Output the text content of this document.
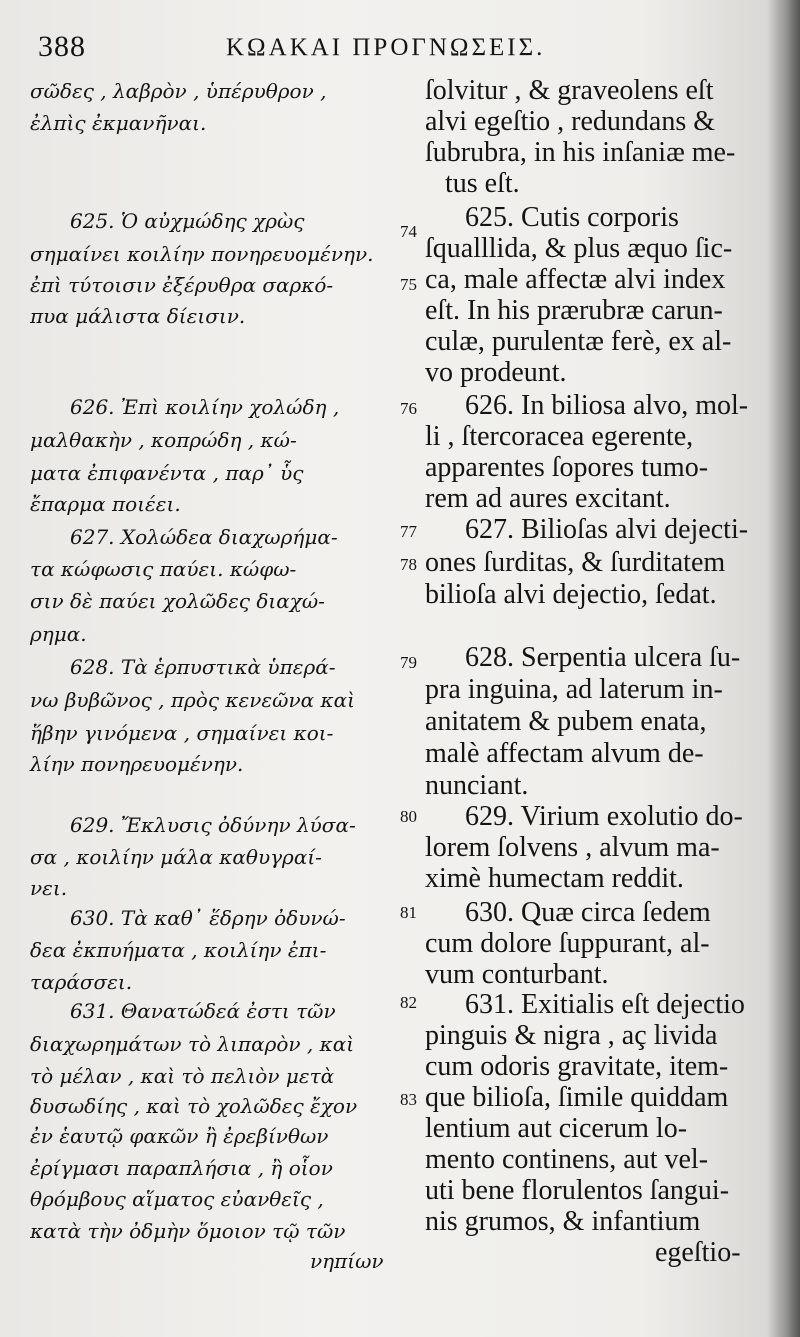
388	ΚΩΑΚΑΙ ΠΡΟΓΝΩΣΕΙΣ.
σῶδες , λαβρὸν , ὑπέρυθρον ,
ἐλπὶς ἐκμανῆναι.
625. Ὁ αὐχμώδης χρὼς
σημαίνει κοιλίην πονηρευομένην.
ἐπὶ τύτοισιν ἐξέρυθρα σαρκό-
πυα μάλιστα δίεισιν.
626. Ἐπὶ κοιλίην χολώδη ,
μαλθακὴν , κοπρώδη , κώ-
ματα ἐπιφανέντα , παρ᾽ ὗς
ἔπαρμα ποιέει.
627. Χολώδεα διαχωρήμα-
τα κώφωσις παύει. κώφω-
σιν δὲ παύει χολῶδες διαχώ-
ρημα.
628. Τὰ ἑρπυστικὰ ὑπερά-
νω βυβῶνος , πρὸς κενεῶνα καὶ
ἥβην γινόμενα , σημαίνει κοι-
λίην πονηρευομένην.
629. Ἔκλυσις ὀδύνην λύσα-
σα , κοιλίην μάλα καθυγραί-
νει.
630. Τὰ καθ᾽ ἕδρην ὀδυνώ-
δεα ἐκπυήματα , κοιλίην ἐπι-
ταράσσει.
631. Θανατώδεά ἐστι τῶν
διαχωρημάτων τὸ λιπαρὸν , καὶ
τὸ μέλαν , καὶ τὸ πελιὸν μετὰ
δυσωδίης , καὶ τὸ χολῶδες ἔχον
ἐν ἑαυτῷ φακῶν ἢ ἐρεβίνθων
ἐρίγμασι παραπλήσια , ἢ οἷον
θρόμβους αἵματος εὐανθεῖς ,
κατὰ τὴν ὀδμὴν ὅμοιον τῷ τῶν
νηπίων
74
75
76
77
78
79
80
81
82
83
ſolvitur , & graveolens eſt
alvi egeſtio , redundans &
ſubrubra, in his inſaniæ me-
tus eſt.
625. Cutis corporis
ſqualllida, & plus æquo ſic-
ca, male affectæ alvi index
eſt. In his prærubræ carun-
culæ, purulentæ ferè, ex al-
vo prodeunt.
626. In biliosa alvo, mol-
li , ſtercoracea egerente,
apparentes ſopores tumo-
rem ad aures excitant.
627. Bilioſas alvi dejecti-
ones ſurditas, & ſurditatem
bilioſa alvi dejectio, ſedat.
628. Serpentia ulcera ſu-
pra inguina, ad laterum in-
anitatem & pubem enata,
malè affectam alvum de-
nunciant.
629. Virium exolutio do-
lorem ſolvens , alvum ma-
ximè humectam reddit.
630. Quæ circa ſedem
cum dolore ſuppurant, al-
vum conturbant.
631. Exitialis eſt dejectio
pinguis & nigra , aç livida
cum odoris gravitate, item-
que bilioſa, ſimile quiddam
lentium aut cicerum lo-
mento continens, aut vel-
uti bene florulentos ſangui-
nis grumos, & infantium
egeſtio-
